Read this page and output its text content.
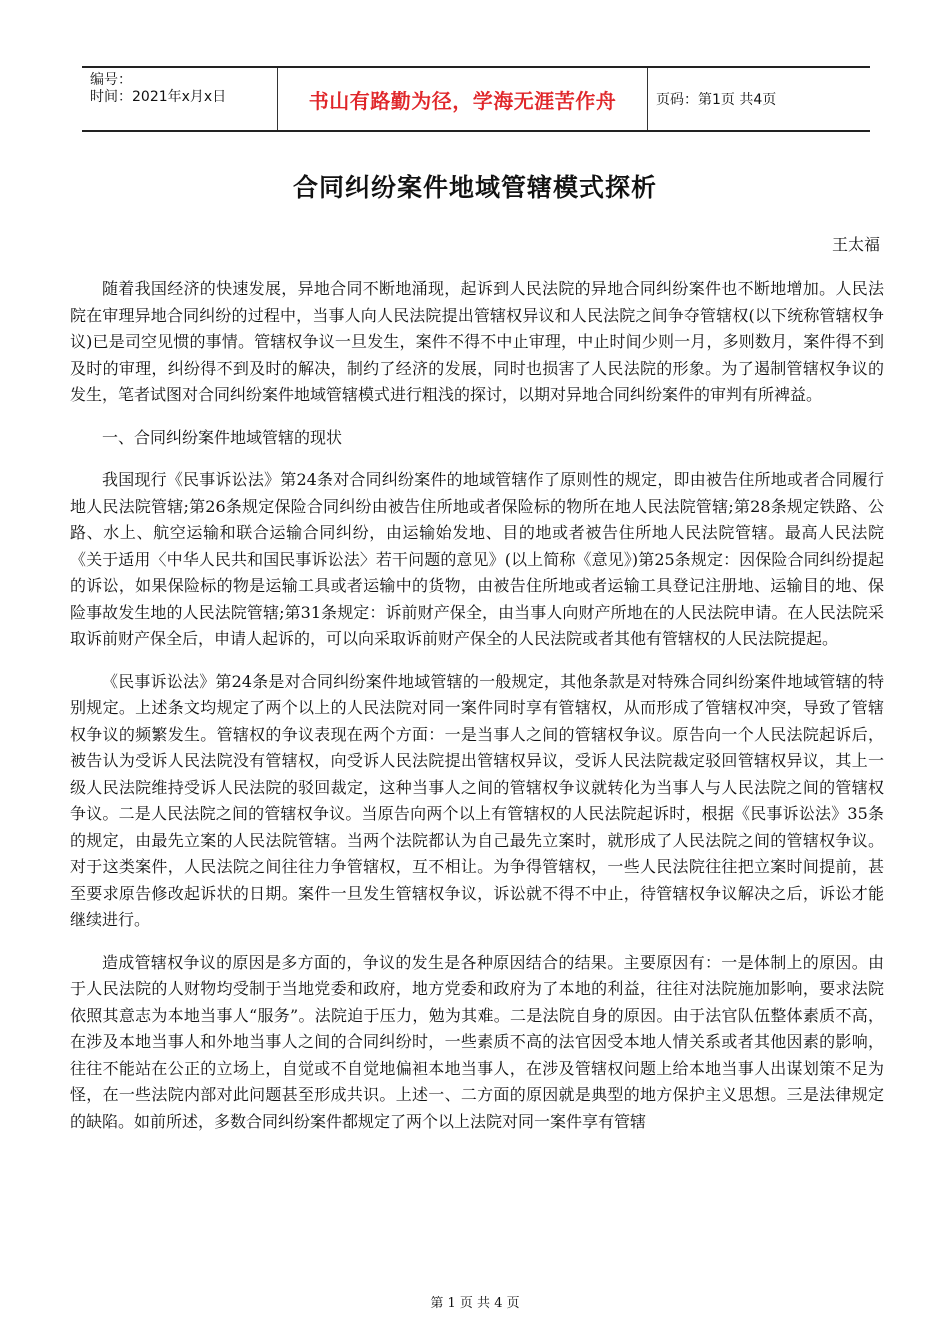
编号：
时间：2021年x月x日	书山有路勤为径，学海无涯苦作舟	页码：第1页 共4页
合同纠纷案件地域管辖模式探析
王太福

随着我国经济的快速发展，异地合同不断地涌现，起诉到人民法院的异地合同纠纷案件也不断地增加。人民法院在审理异地合同纠纷的过程中，当事人向人民法院提出管辖权异议和人民法院之间争夺管辖权(以下统称管辖权争议)已是司空见惯的事情。管辖权争议一旦发生，案件不得不中止审理，中止时间少则一月，多则数月，案件得不到及时的审理，纠纷得不到及时的解决，制约了经济的发展，同时也损害了人民法院的形象。为了遏制管辖权争议的发生，笔者试图对合同纠纷案件地域管辖模式进行粗浅的探讨，以期对异地合同纠纷案件的审判有所裨益。

一、合同纠纷案件地域管辖的现状

我国现行《民事诉讼法》第24条对合同纠纷案件的地域管辖作了原则性的规定，即由被告住所地或者合同履行地人民法院管辖;第26条规定保险合同纠纷由被告住所地或者保险标的物所在地人民法院管辖;第28条规定铁路、公路、水上、航空运输和联合运输合同纠纷，由运输始发地、目的地或者被告住所地人民法院管辖。最高人民法院《关于适用〈中华人民共和国民事诉讼法〉若干问题的意见》(以上简称《意见》)第25条规定：因保险合同纠纷提起的诉讼，如果保险标的物是运输工具或者运输中的货物，由被告住所地或者运输工具登记注册地、运输目的地、保险事故发生地的人民法院管辖;第31条规定：诉前财产保全，由当事人向财产所地在的人民法院申请。在人民法院采取诉前财产保全后，申请人起诉的，可以向采取诉前财产保全的人民法院或者其他有管辖权的人民法院提起。

《民事诉讼法》第24条是对合同纠纷案件地域管辖的一般规定，其他条款是对特殊合同纠纷案件地域管辖的特别规定。上述条文均规定了两个以上的人民法院对同一案件同时享有管辖权，从而形成了管辖权冲突，导致了管辖权争议的频繁发生。管辖权的争议表现在两个方面：一是当事人之间的管辖权争议。原告向一个人民法院起诉后，被告认为受诉人民法院没有管辖权，向受诉人民法院提出管辖权异议，受诉人民法院裁定驳回管辖权异议，其上一级人民法院维持受诉人民法院的驳回裁定，这种当事人之间的管辖权争议就转化为当事人与人民法院之间的管辖权争议。二是人民法院之间的管辖权争议。当原告向两个以上有管辖权的人民法院起诉时，根据《民事诉讼法》35条的规定，由最先立案的人民法院管辖。当两个法院都认为自己最先立案时，就形成了人民法院之间的管辖权争议。对于这类案件，人民法院之间往往力争管辖权，互不相让。为争得管辖权，一些人民法院往往把立案时间提前，甚至要求原告修改起诉状的日期。案件一旦发生管辖权争议，诉讼就不得不中止，待管辖权争议解决之后，诉讼才能继续进行。

造成管辖权争议的原因是多方面的，争议的发生是各种原因结合的结果。主要原因有：一是体制上的原因。由于人民法院的人财物均受制于当地党委和政府，地方党委和政府为了本地的利益，往往对法院施加影响，要求法院依照其意志为本地当事人“服务”。法院迫于压力，勉为其难。二是法院自身的原因。由于法官队伍整体素质不高，在涉及本地当事人和外地当事人之间的合同纠纷时，一些素质不高的法官因受本地人情关系或者其他因素的影响，往往不能站在公正的立场上，自觉或不自觉地偏袒本地当事人，在涉及管辖权问题上给本地当事人出谋划策不足为怪，在一些法院内部对此问题甚至形成共识。上述一、二方面的原因就是典型的地方保护主义思想。三是法律规定的缺陷。如前所述，多数合同纠纷案件都规定了两个以上法院对同一案件享有管辖

第 1 页 共 4 页
